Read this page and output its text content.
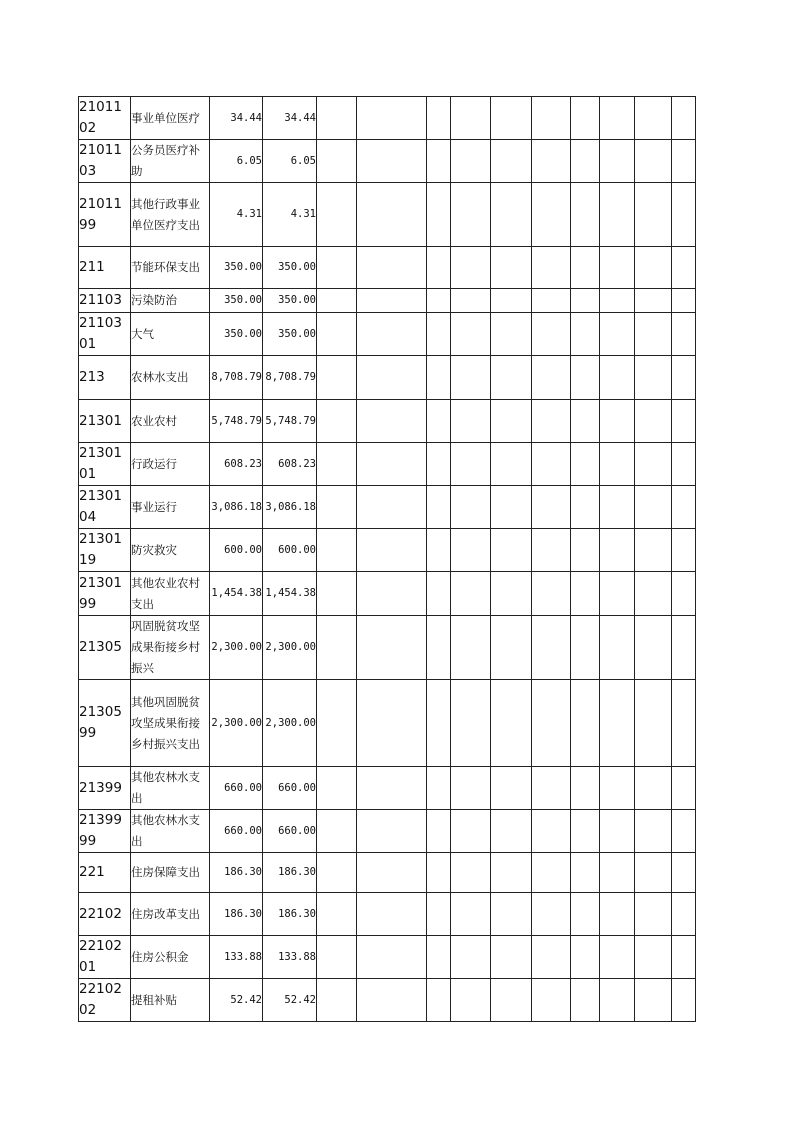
21011​02	事业单位医疗	34.44	34.44										
21011​03	公务员医疗补助	6.05	6.05										
21011​99	其他行政事业单位医疗支出	4.31	4.31										
211	节能环保支出	350.00	350.00										
21103	污染防治	350.00	350.00										
21103​01	大气	350.00	350.00										
213	农林水支出	8,708.​79	8,708.​79										
21301	农业农村	5,748.​79	5,748.​79										
21301​01	行政运行	608.23	608.23										
21301​04	事业运行	3,086.​18	3,086.​18										
21301​19	防灾救灾	600.00	600.00										
21301​99	其他农业农村支出	1,454.​38	1,454.​38										
21305	巩固脱贫攻坚成果衔接乡村振兴	2,300.​00	2,300.​00										
21305​99	其他巩固脱贫攻坚成果衔接乡村振兴支出	2,300.​00	2,300.​00										
21399	其他农林水支出	660.00	660.00										
21399​99	其他农林水支出	660.00	660.00										
221	住房保障支出	186.30	186.30										
22102	住房改革支出	186.30	186.30										
22102​01	住房公积金	133.88	133.88										
22102​02	提租补贴	52.42	52.42										
